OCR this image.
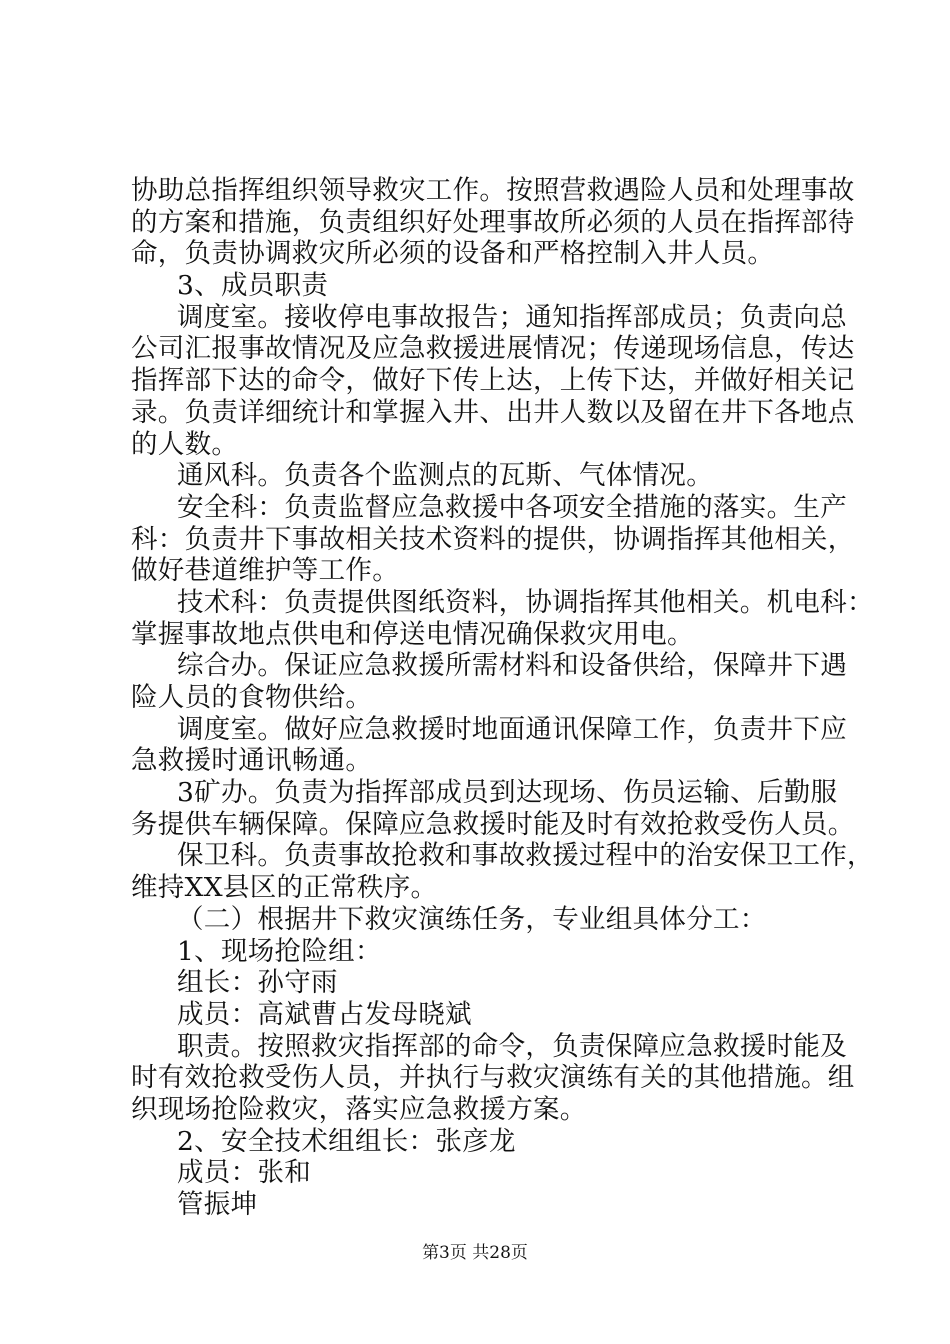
协助总指挥组织领导救灾工作。按照营救遇险人员和处理事故
的方案和措施，负责组织好处理事故所必须的人员在指挥部待
命，负责协调救灾所必须的设备和严格控制入井人员。
3、成员职责
调度室。接收停电事故报告；通知指挥部成员；负责向总
公司汇报事故情况及应急救援进展情况；传递现场信息，传达
指挥部下达的命令，做好下传上达，上传下达，并做好相关记
录。负责详细统计和掌握入井、出井人数以及留在井下各地点
的人数。
通风科。负责各个监测点的瓦斯、气体情况。
安全科：负责监督应急救援中各项安全措施的落实。生产
科：负责井下事故相关技术资料的提供，协调指挥其他相关，
做好巷道维护等工作。
技术科：负责提供图纸资料，协调指挥其他相关。机电科：
掌握事故地点供电和停送电情况确保救灾用电。
综合办。保证应急救援所需材料和设备供给，保障井下遇
险人员的食物供给。
调度室。做好应急救援时地面通讯保障工作，负责井下应
急救援时通讯畅通。
3矿办。负责为指挥部成员到达现场、伤员运输、后勤服
务提供车辆保障。保障应急救援时能及时有效抢救受伤人员。
保卫科。负责事故抢救和事故救援过程中的治安保卫工作，
维持XX县区的正常秩序。
（二）根据井下救灾演练任务，专业组具体分工：
1、现场抢险组：
组长：孙守雨
成员：高斌曹占发母晓斌
职责。按照救灾指挥部的命令，负责保障应急救援时能及
时有效抢救受伤人员，并执行与救灾演练有关的其他措施。组
织现场抢险救灾，落实应急救援方案。
2、安全技术组组长：张彦龙
成员：张和
管振坤
第3页 共28页
